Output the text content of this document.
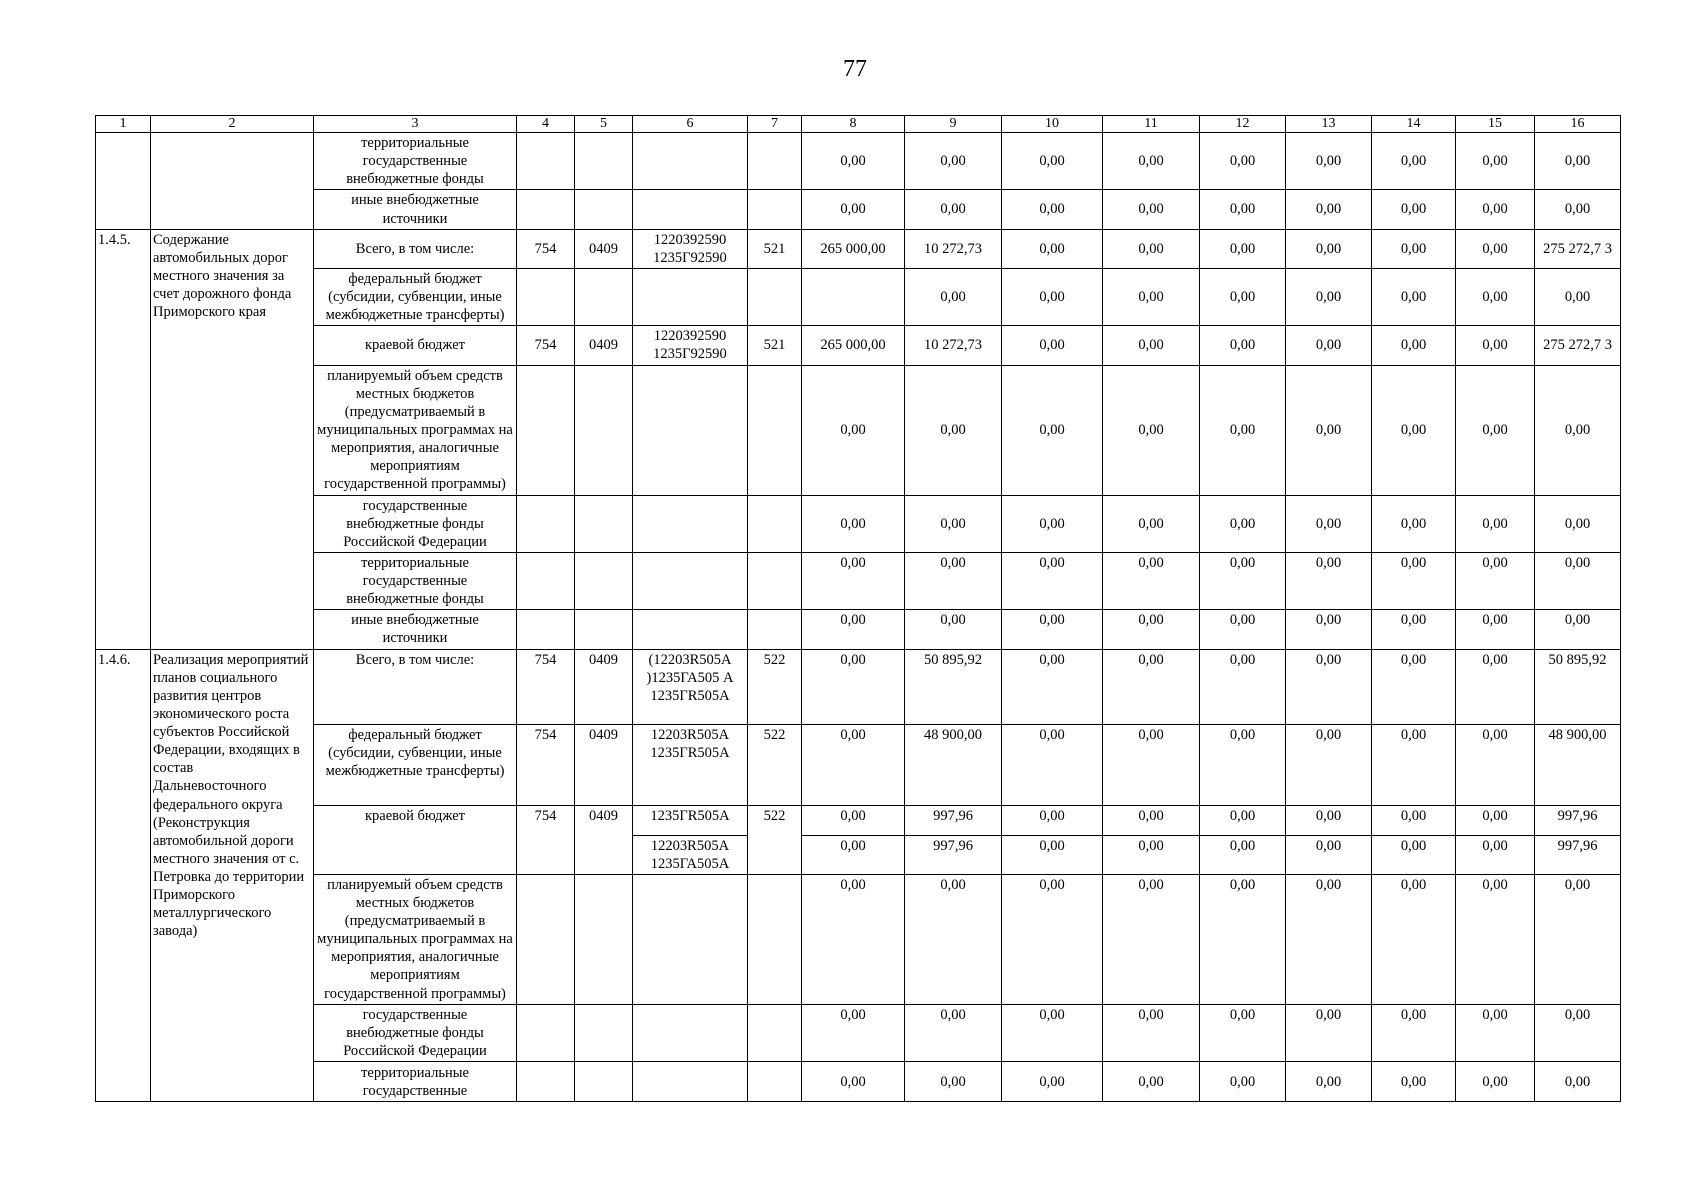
77
1	2	3	4	5	6	7	8	9	10	11	12	13	14	15	16
		территориальные государственные внебюджетные фонды					0,00	0,00	0,00	0,00	0,00	0,00	0,00	0,00	0,00
		иные внебюджетные источники					0,00	0,00	0,00	0,00	0,00	0,00	0,00	0,00	0,00
1.4.5.	Содержание автомобильных дорог местного значения за счет дорожного фонда Приморского края	Всего, в том числе:	754	0409	1220392590 1235Г92590	521	265 000,00	10 272,73	0,00	0,00	0,00	0,00	0,00	0,00	275 272,7 3
		федеральный бюджет (субсидии, субвенции, иные межбюджетные трансферты)						0,00	0,00	0,00	0,00	0,00	0,00	0,00	0,00
		краевой бюджет	754	0409	1220392590 1235Г92590	521	265 000,00	10 272,73	0,00	0,00	0,00	0,00	0,00	0,00	275 272,7 3
		планируемый объем средств местных бюджетов (предусматриваемый в муниципальных программах на мероприятия, аналогичные мероприятиям государственной программы)					0,00	0,00	0,00	0,00	0,00	0,00	0,00	0,00	0,00
		государственные внебюджетные фонды Российской Федерации					0,00	0,00	0,00	0,00	0,00	0,00	0,00	0,00	0,00
		территориальные государственные внебюджетные фонды					0,00	0,00	0,00	0,00	0,00	0,00	0,00	0,00	0,00
		иные внебюджетные источники					0,00	0,00	0,00	0,00	0,00	0,00	0,00	0,00	0,00

1.4.6.	Реализация мероприятий планов социального развития центров экономического роста субъектов Российской Федерации, входящих в состав Дальневосточного федерального округа (Реконструкция автомобильной дороги местного значения от с. Петровка до территории Приморского металлургического завода)	Всего, в том числе:	754	0409	(12203R505A )1235ГА505 А 1235ГR505A	522	0,00	50 895,92	0,00	0,00	0,00	0,00	0,00	0,00	50 895,92
		федеральный бюджет (субсидии, субвенции, иные межбюджетные трансферты)	754	0409	12203R505A 1235ГR505A	522	0,00	48 900,00	0,00	0,00	0,00	0,00	0,00	0,00	48 900,00
		краевой бюджет	754	0409	1235ГR505A	522	0,00	997,96	0,00	0,00	0,00	0,00	0,00	0,00	997,96
					12203R505A 1235ГА505А		0,00	997,96	0,00	0,00	0,00	0,00	0,00	0,00	997,96
		планируемый объем средств местных бюджетов (предусматриваемый в муниципальных программах на мероприятия, аналогичные мероприятиям государственной программы)					0,00	0,00	0,00	0,00	0,00	0,00	0,00	0,00	0,00
		государственные внебюджетные фонды Российской Федерации					0,00	0,00	0,00	0,00	0,00	0,00	0,00	0,00	0,00
		территориальные государственные					0,00	0,00	0,00	0,00	0,00	0,00	0,00	0,00	0,00
